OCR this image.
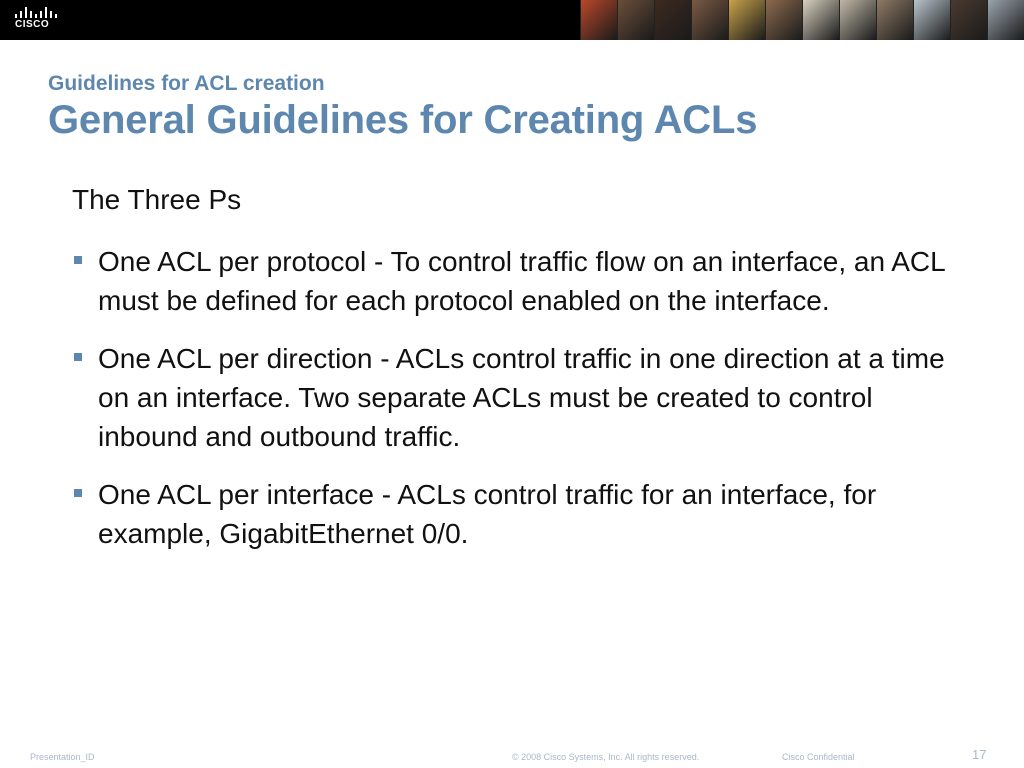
CISCO
Guidelines for ACL creation
General Guidelines for Creating ACLs

The Three Ps

One ACL per protocol - To control traffic flow on an interface, an ACL must be defined for each protocol enabled on the interface.
One ACL per direction - ACLs control traffic in one direction at a time on an interface. Two separate ACLs must be created to control inbound and outbound traffic.
One ACL per interface - ACLs control traffic for an interface, for example, GigabitEthernet 0/0.
Presentation_ID	© 2008 Cisco Systems, Inc. All rights reserved.	Cisco Confidential	17
